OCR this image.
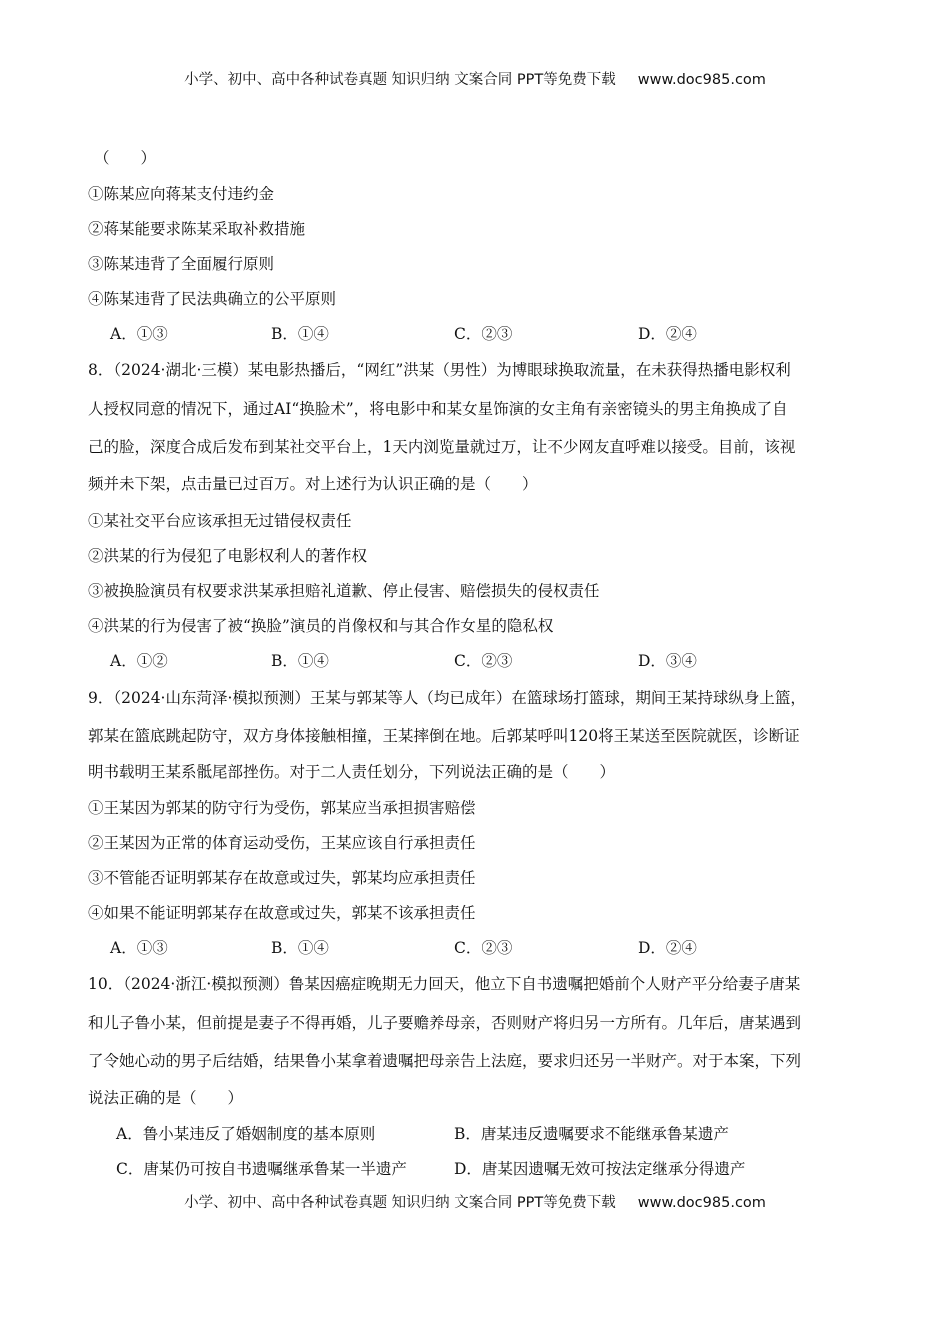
小学、初中、高中各种试卷真题 知识归纳 文案合同 PPT等免费下载 www.doc985.com
（　　）
①陈某应向蒋某支付违约金
②蒋某能要求陈某采取补救措施
③陈某违背了全面履行原则
④陈某违背了民法典确立的公平原则
A．①③	B．①④	C．②③	D．②④
8．（2024·湖北·三模）某电影热播后，“网红”洪某（男性）为博眼球换取流量，在未获得热播电影权利
人授权同意的情况下，通过AI“换脸术”，将电影中和某女星饰演的女主角有亲密镜头的男主角换成了自
己的脸，深度合成后发布到某社交平台上，1天内浏览量就过万，让不少网友直呼难以接受。目前，该视
频并未下架，点击量已过百万。对上述行为认识正确的是（　　）
①某社交平台应该承担无过错侵权责任
②洪某的行为侵犯了电影权利人的著作权
③被换脸演员有权要求洪某承担赔礼道歉、停止侵害、赔偿损失的侵权责任
④洪某的行为侵害了被“换脸”演员的肖像权和与其合作女星的隐私权
A．①②	B．①④	C．②③	D．③④
9．（2024·山东菏泽·模拟预测）王某与郭某等人（均已成年）在篮球场打篮球，期间王某持球纵身上篮，
郭某在篮底跳起防守，双方身体接触相撞，王某摔倒在地。后郭某呼叫120将王某送至医院就医，诊断证
明书载明王某系骶尾部挫伤。对于二人责任划分，下列说法正确的是（　　）
①王某因为郭某的防守行为受伤，郭某应当承担损害赔偿
②王某因为正常的体育运动受伤，王某应该自行承担责任
③不管能否证明郭某存在故意或过失，郭某均应承担责任
④如果不能证明郭某存在故意或过失，郭某不该承担责任
A．①③	B．①④	C．②③	D．②④
10．（2024·浙江·模拟预测）鲁某因癌症晚期无力回天，他立下自书遗嘱把婚前个人财产平分给妻子唐某
和儿子鲁小某，但前提是妻子不得再婚，儿子要赡养母亲，否则财产将归另一方所有。几年后，唐某遇到
了令她心动的男子后结婚，结果鲁小某拿着遗嘱把母亲告上法庭，要求归还另一半财产。对于本案，下列
说法正确的是（　　）
A．鲁小某违反了婚姻制度的基本原则	B．唐某违反遗嘱要求不能继承鲁某遗产
C．唐某仍可按自书遗嘱继承鲁某一半遗产	D．唐某因遗嘱无效可按法定继承分得遗产
小学、初中、高中各种试卷真题 知识归纳 文案合同 PPT等免费下载 www.doc985.com
